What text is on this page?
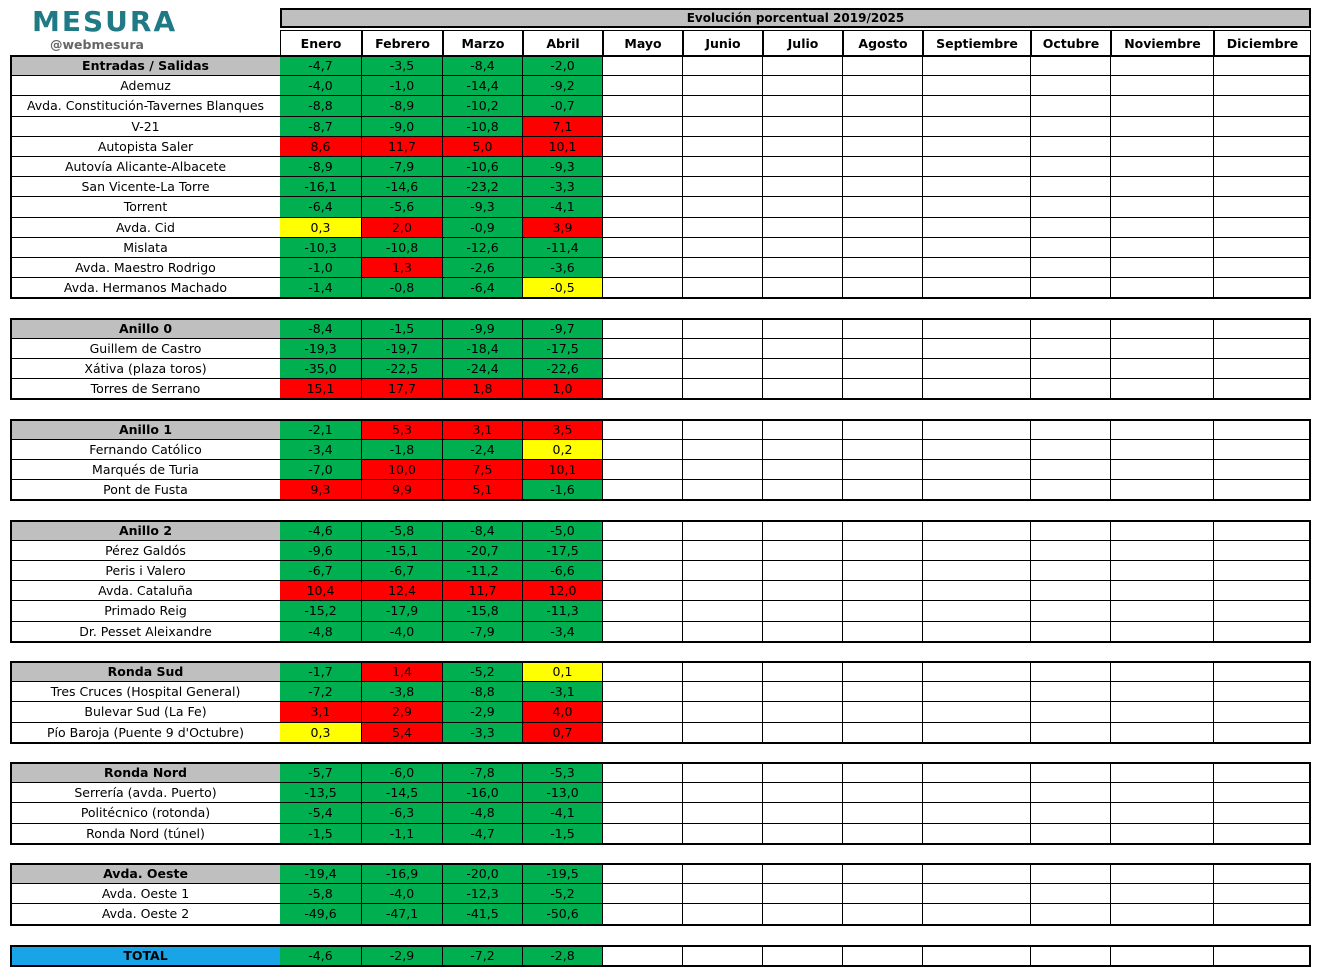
MESURA
@webmesura
Evolución porcentual 2019/2025
Enero	Febrero	Marzo	Abril	Mayo	Junio	Julio	Agosto	Septiembre	Octubre	Noviembre	Diciembre
Entradas / Salidas	-4,7	-3,5	-8,4	-2,0
Ademuz	-4,0	-1,0	-14,4	-9,2
Avda. Constitución-Tavernes Blanques	-8,8	-8,9	-10,2	-0,7
V-21	-8,7	-9,0	-10,8	7,1
Autopista Saler	8,6	11,7	5,0	10,1
Autovía Alicante-Albacete	-8,9	-7,9	-10,6	-9,3
San Vicente-La Torre	-16,1	-14,6	-23,2	-3,3
Torrent	-6,4	-5,6	-9,3	-4,1
Avda. Cid	0,3	2,0	-0,9	3,9
Mislata	-10,3	-10,8	-12,6	-11,4
Avda. Maestro Rodrigo	-1,0	1,3	-2,6	-3,6
Avda. Hermanos Machado	-1,4	-0,8	-6,4	-0,5
Anillo 0	-8,4	-1,5	-9,9	-9,7
Guillem de Castro	-19,3	-19,7	-18,4	-17,5
Xátiva (plaza toros)	-35,0	-22,5	-24,4	-22,6
Torres de Serrano	15,1	17,7	1,8	1,0
Anillo 1	-2,1	5,3	3,1	3,5
Fernando Católico	-3,4	-1,8	-2,4	0,2
Marqués de Turia	-7,0	10,0	7,5	10,1
Pont de Fusta	9,3	9,9	5,1	-1,6
Anillo 2	-4,6	-5,8	-8,4	-5,0
Pérez Galdós	-9,6	-15,1	-20,7	-17,5
Peris i Valero	-6,7	-6,7	-11,2	-6,6
Avda. Cataluña	10,4	12,4	11,7	12,0
Primado Reig	-15,2	-17,9	-15,8	-11,3
Dr. Pesset Aleixandre	-4,8	-4,0	-7,9	-3,4
Ronda Sud	-1,7	1,4	-5,2	0,1
Tres Cruces (Hospital General)	-7,2	-3,8	-8,8	-3,1
Bulevar Sud (La Fe)	3,1	2,9	-2,9	4,0
Pío Baroja (Puente 9 d'Octubre)	0,3	5,4	-3,3	0,7
Ronda Nord	-5,7	-6,0	-7,8	-5,3
Serrería (avda. Puerto)	-13,5	-14,5	-16,0	-13,0
Politécnico (rotonda)	-5,4	-6,3	-4,8	-4,1
Ronda Nord (túnel)	-1,5	-1,1	-4,7	-1,5
Avda. Oeste	-19,4	-16,9	-20,0	-19,5
Avda. Oeste 1	-5,8	-4,0	-12,3	-5,2
Avda. Oeste 2	-49,6	-47,1	-41,5	-50,6
TOTAL	-4,6	-2,9	-7,2	-2,8
